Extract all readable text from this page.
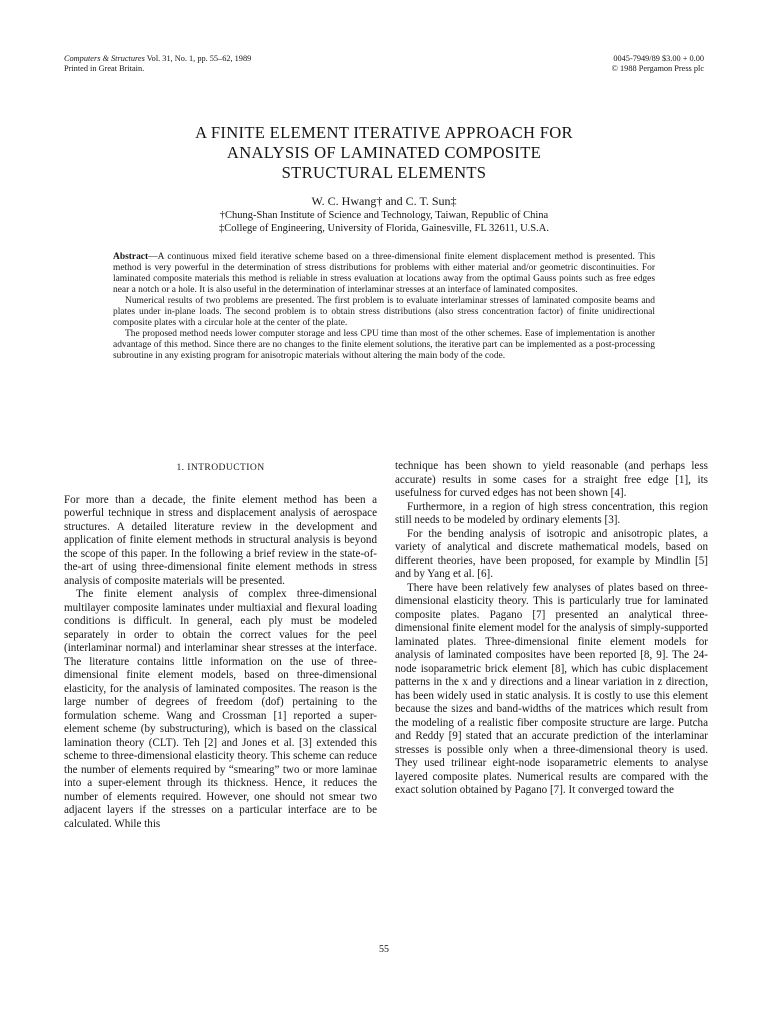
Computers & Structures Vol. 31, No. 1, pp. 55–62, 1989
Printed in Great Britain.
0045-7949/89 $3.00 + 0.00
© 1988 Pergamon Press plc
A FINITE ELEMENT ITERATIVE APPROACH FOR
ANALYSIS OF LAMINATED COMPOSITE
STRUCTURAL ELEMENTS
W. C. Hwang† and C. T. Sun‡
†Chung-Shan Institute of Science and Technology, Taiwan, Republic of China
‡College of Engineering, University of Florida, Gainesville, FL 32611, U.S.A.

Abstract—A continuous mixed field iterative scheme based on a three-dimensional finite element displacement method is presented. This method is very powerful in the determination of stress distributions for problems with either material and/or geometric discontinuities. For laminated composite materials this method is reliable in stress evaluation at locations away from the optimal Gauss points such as free edges near a notch or a hole. It is also useful in the determination of interlaminar stresses at an interface of laminated composites.

Numerical results of two problems are presented. The first problem is to evaluate interlaminar stresses of laminated composite beams and plates under in-plane loads. The second problem is to obtain stress distributions (also stress concentration factor) of finite unidirectional composite plates with a circular hole at the center of the plate.

The proposed method needs lower computer storage and less CPU time than most of the other schemes. Ease of implementation is another advantage of this method. Since there are no changes to the finite element solutions, the iterative part can be implemented as a post-processing subroutine in any existing program for anisotropic materials without altering the main body of the code.

1. INTRODUCTION

For more than a decade, the finite element method has been a powerful technique in stress and displacement analysis of aerospace structures. A detailed literature review in the development and application of finite element methods in structural analysis is beyond the scope of this paper. In the following a brief review in the state-of-the-art of using three-dimensional finite element methods in stress analysis of composite materials will be presented.

The finite element analysis of complex three-dimensional multilayer composite laminates under multiaxial and flexural loading conditions is difficult. In general, each ply must be modeled separately in order to obtain the correct values for the peel (interlaminar normal) and interlaminar shear stresses at the interface. The literature contains little information on the use of three-dimensional finite element models, based on three-dimensional elasticity, for the analysis of laminated composites. The reason is the large number of degrees of freedom (dof) pertaining to the formulation scheme. Wang and Crossman [1] reported a super-element scheme (by substructuring), which is based on the classical lamination theory (CLT). Teh [2] and Jones et al. [3] extended this scheme to three-dimensional elasticity theory. This scheme can reduce the number of elements required by “smearing” two or more laminae into a super-element through its thickness. Hence, it reduces the number of elements required. However, one should not smear two adjacent layers if the stresses on a particular interface are to be calculated. While this

technique has been shown to yield reasonable (and perhaps less accurate) results in some cases for a straight free edge [1], its usefulness for curved edges has not been shown [4].

Furthermore, in a region of high stress concentration, this region still needs to be modeled by ordinary elements [3].

For the bending analysis of isotropic and anisotropic plates, a variety of analytical and discrete mathematical models, based on different theories, have been proposed, for example by Mindlin [5] and by Yang et al. [6].

There have been relatively few analyses of plates based on three-dimensional elasticity theory. This is particularly true for laminated composite plates. Pagano [7] presented an analytical three-dimensional finite element model for the analysis of simply-supported laminated plates. Three-dimensional finite element models for analysis of laminated composites have been reported [8, 9]. The 24-node isoparametric brick element [8], which has cubic displacement patterns in the x and y directions and a linear variation in z direction, has been widely used in static analysis. It is costly to use this element because the sizes and band-widths of the matrices which result from the modeling of a realistic fiber composite structure are large. Putcha and Reddy [9] stated that an accurate prediction of the interlaminar stresses is possible only when a three-dimensional theory is used. They used trilinear eight-node isoparametric elements to analyse layered composite plates. Numerical results are compared with the exact solution obtained by Pagano [7]. It converged toward the

55
